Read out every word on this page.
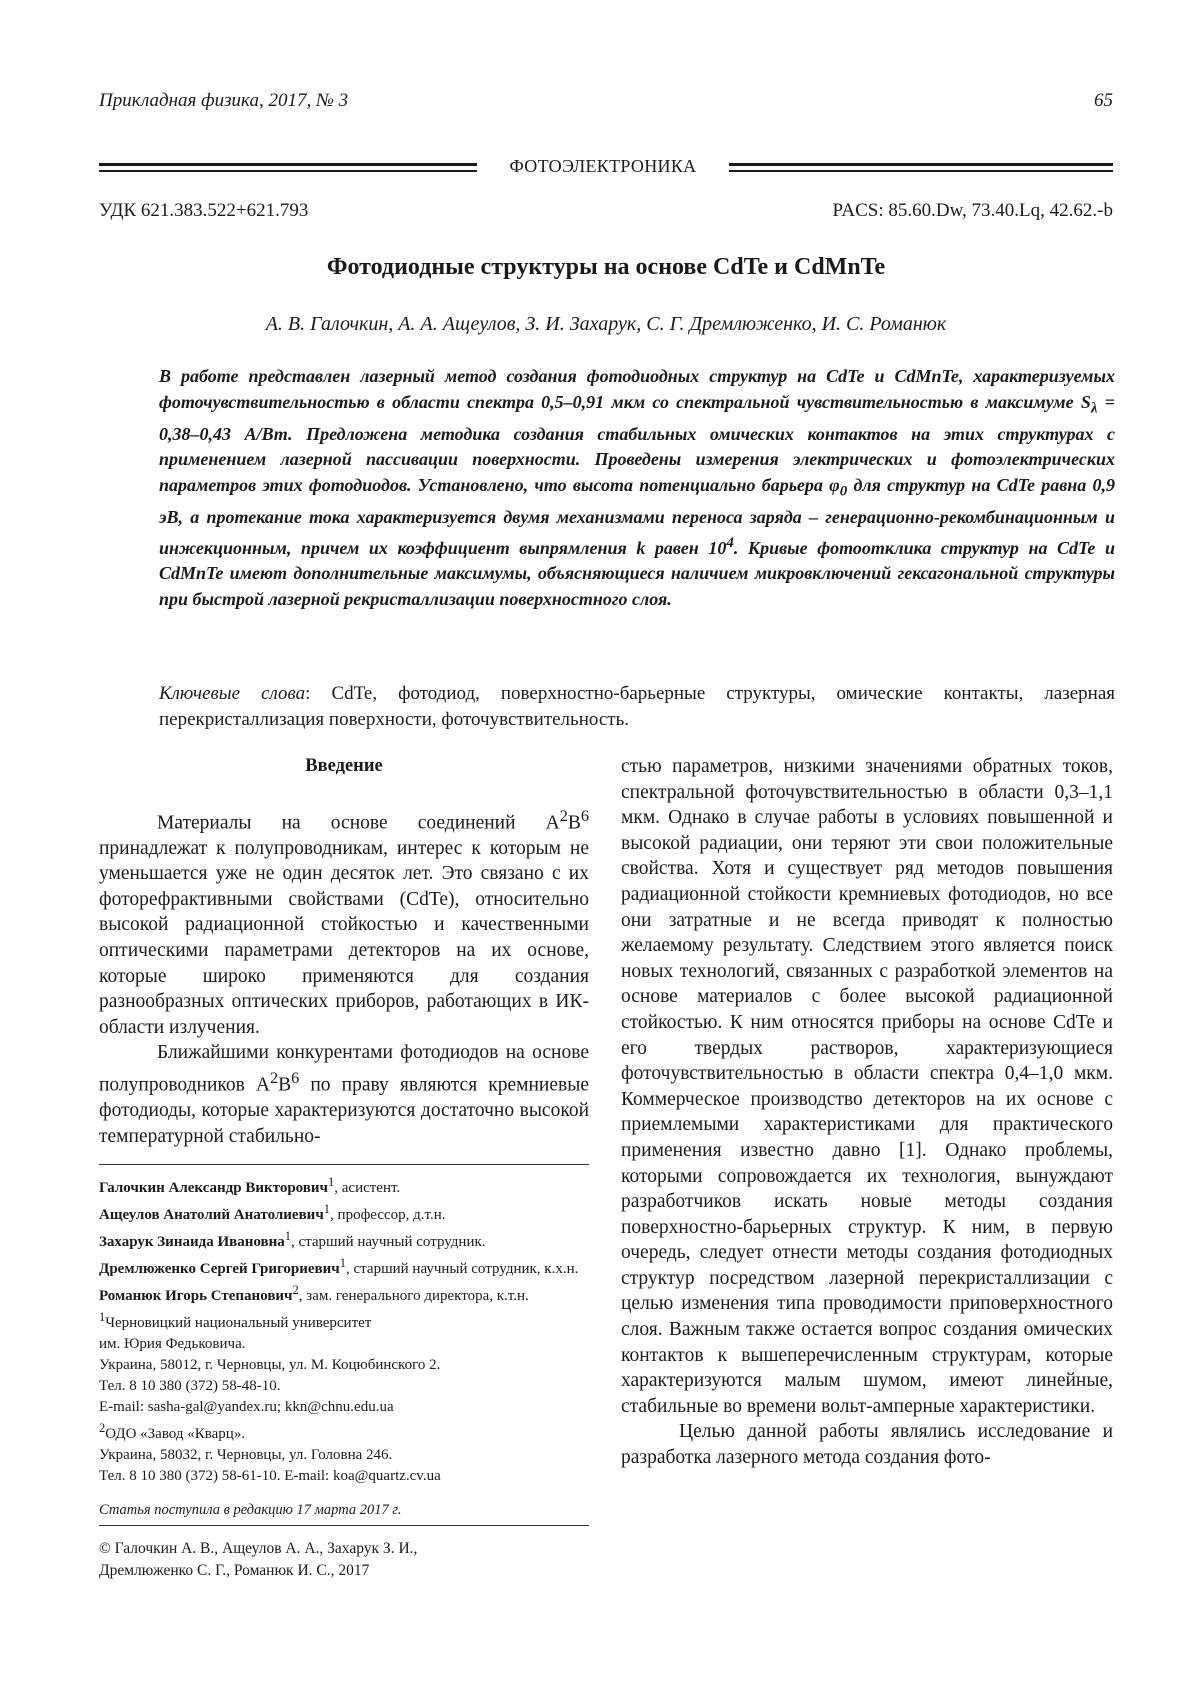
Прикладная физика, 2017, № 3	65
ФОТОЭЛЕКТРОНИКА
УДК 621.383.522+621.793	PACS: 85.60.Dw, 73.40.Lq, 42.62.-b
Фотодиодные структуры на основе CdTe и CdMnTe
А. В. Галочкин, А. А. Ащеулов, З. И. Захарук, С. Г. Дремлюженко, И. С. Романюк
В работе представлен лазерный метод создания фотодиодных структур на CdTe и CdMnTe, характеризуемых фоточувствительностью в области спектра 0,5–0,91 мкм со спектральной чувствительностью в максимуме $S_\lambda = 0,38-0,43$ А/Вт. Предложена методика создания стабильных омических контактов на этих структурах с применением лазерной пассивации поверхности. Проведены измерения электрических и фотоэлектрических параметров этих фотодиодов. Установлено, что высота потенциально барьера $\varphi_0$ для структур на CdTe равна 0,9 эВ, а протекание тока характеризуется двумя механизмами переноса заряда – генерационно-рекомбинационным и инжекционным, причем их коэффициент выпрямления k равен $10^4$. Кривые фотоотклика структур на CdTe и CdMnTe имеют дополнительные максимумы, объясняющиеся наличием микровключений гексагональной структуры при быстрой лазерной рекристаллизации поверхностного слоя.
Ключевые слова: CdTe, фотодиод, поверхностно-барьерные структуры, омические контакты, лазерная перекристаллизация поверхности, фоточувствительность.

Введение

Материалы на основе соединений $A^2B^6$ принадлежат к полупроводникам, интерес к которым не уменьшается уже не один десяток лет. Это связано с их фоторефрактивными свойствами (CdTe), относительно высокой радиационной стойкостью и качественными оптическими параметрами детекторов на их основе, которые широко применяются для создания разнообразных оптических приборов, работающих в ИК-области излучения.

Ближайшими конкурентами фотодиодов на основе полупроводников $A^2B^6$ по праву являются кремниевые фотодиоды, которые характеризуются достаточно высокой температурной стабильно-

стью параметров, низкими значениями обратных токов, спектральной фоточувствительностью в области 0,3–1,1 мкм. Однако в случае работы в условиях повышенной и высокой радиации, они теряют эти свои положительные свойства. Хотя и существует ряд методов повышения радиационной стойкости кремниевых фотодиодов, но все они затратные и не всегда приводят к полностью желаемому результату. Следствием этого является поиск новых технологий, связанных с разработкой элементов на основе материалов с более высокой радиационной стойкостью. К ним относятся приборы на основе CdTe и его твердых растворов, характеризующиеся фоточувствительностью в области спектра 0,4–1,0 мкм. Коммерческое производство детекторов на их основе с приемлемыми характеристиками для практического применения известно давно [1]. Однако проблемы, которыми сопровождается их технология, вынуждают разработчиков искать новые методы создания поверхностно-барьерных структур. К ним, в первую очередь, следует отнести методы создания фотодиодных структур посредством лазерной перекристаллизации с целью изменения типа проводимости приповерхностного слоя. Важным также остается вопрос создания омических контактов к вышеперечисленным структурам, которые характеризуются малым шумом, имеют линейные, стабильные во времени вольт-амперные характеристики.

Целью данной работы являлись исследование и разработка лазерного метода создания фото-

Галочкин Александр Викторович$^1$, асистент.

Ащеулов Анатолий Анатолиевич$^1$, профессор, д.т.н.

Захарук Зинаида Ивановна$^1$, старший научный сотрудник.

Дремлюженко Сергей Григориевич$^1$, старший научный сотрудник, к.х.н.

Романюк Игорь Степанович$^2$, зам. генерального директора, к.т.н.

$^1$Черновицкий национальный университет

им. Юрия Федьковича.

Украина, 58012, г. Черновцы, ул. М. Коцюбинского 2.

Тел. 8 10 380 (372) 58-48-10.

E-mail: sasha-gal@yandex.ru; kkn@chnu.edu.ua

$^2$ОДО «Завод «Кварц».

Украина, 58032, г. Черновцы, ул. Головна 246.

Тел. 8 10 380 (372) 58-61-10. E-mail: koa@quartz.cv.ua

Статья поступила в редакцию 17 марта 2017 г.

© Галочкин А. В., Ащеулов А. А., Захарук З. И.,

Дремлюженко С. Г., Романюк И. С., 2017
